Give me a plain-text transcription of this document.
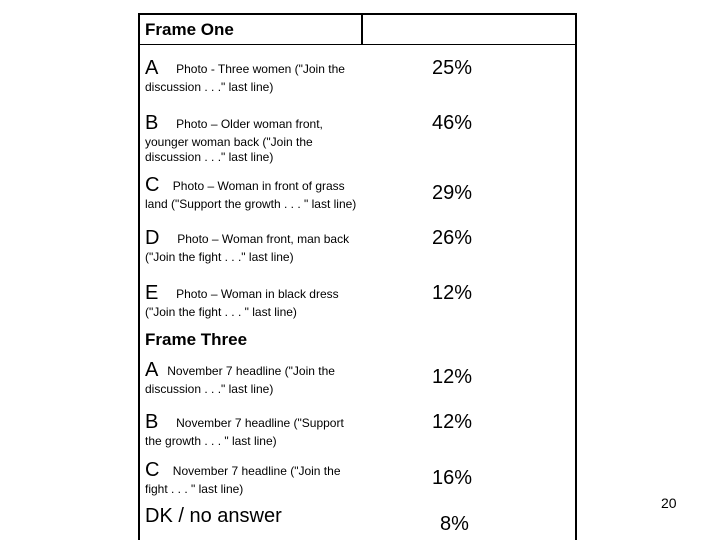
Frame One
A Photo - Three women ("Join the
discussion . . ." last line)
25%
B Photo – Older woman front,
younger woman back ("Join the discussion . . ." last line)
46%
C Photo – Woman in front of grass
land ("Support the growth . . . " last line)	29%
D Photo – Woman front, man back
("Join the fight . . ." last line)
26%
E Photo – Woman in black dress
("Join the fight . . . " last line)
12%
Frame Three
A November 7 headline ("Join the
discussion . . ." last line)
12%
B November 7 headline ("Support
the growth . . . " last line)
12%
C November 7 headline ("Join the
fight . . . " last line)	16%
DK / no answer	8%
20
